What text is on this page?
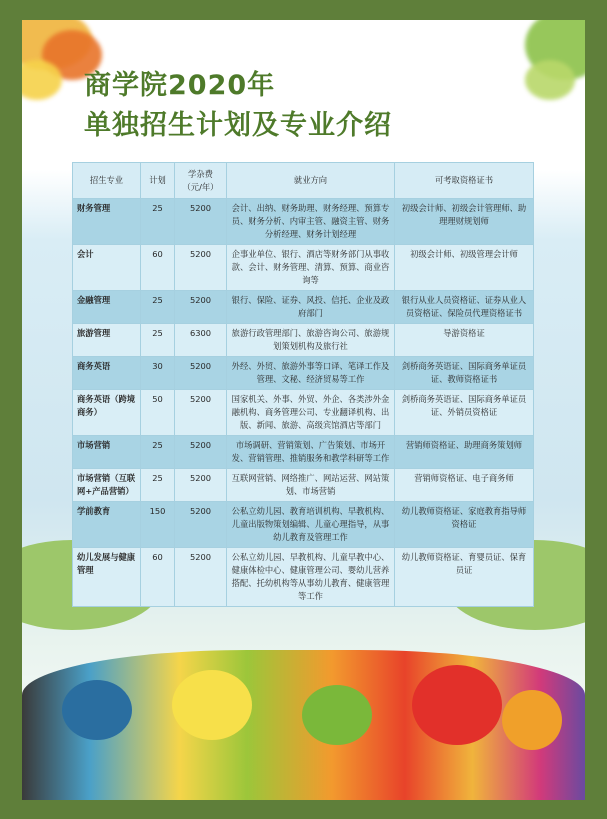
商学院2020年
单独招生计划及专业介绍
招生专业	计划	学杂费（元/年）	就业方向	可考取资格证书
财务管理	25	5200	会计、出纳、财务助理、财务经理、预算专员、财务分析、内审主管、融资主管、财务分析经理、财务计划经理	初级会计师、初级会计管理师、助理理财规划师
会计	60	5200	企事业单位、银行、酒店等财务部门从事收款、会计、财务管理、清算、预算、商业咨询等	初级会计师、初级管理会计师
金融管理	25	5200	银行、保险、证券、风投、信托、企业及政府部门	银行从业人员资格证、证券从业人员资格证、保险员代理资格证书
旅游管理	25	6300	旅游行政管理部门、旅游咨询公司、旅游规划策划机构及旅行社	导游资格证
商务英语	30	5200	外经、外贸、旅游外事等口译、笔译工作及管理、文秘、经济贸易等工作	剑桥商务英语证、国际商务单证员证、教师资格证书
商务英语（跨境商务）	50	5200	国家机关、外事、外贸、外企、各类涉外金融机构、商务管理公司、专业翻译机构、出版、新闻、旅游、高级宾馆酒店等部门	剑桥商务英语证、国际商务单证员证、外销员资格证
市场营销	25	5200	市场调研、营销策划、广告策划、市场开发、营销管理、推销服务和教学科研等工作	营销师资格证、助理商务策划师
市场营销（互联网+产品营销）	25	5200	互联网营销、网络推广、网站运营、网站策划、市场营销	营销师资格证、电子商务师
学前教育	150	5200	公私立幼儿园、教育培训机构、早教机构、儿童出版物策划编辑、儿童心理指导，从事幼儿教育及管理工作	幼儿教师资格证、家庭教育指导师资格证
幼儿发展与健康管理	60	5200	公私立幼儿园、早教机构、儿童早教中心、健康体检中心、健康管理公司、婴幼儿营养搭配、托幼机构等从事幼儿教育、健康管理等工作	幼儿教师资格证、育婴员证、保育员证
